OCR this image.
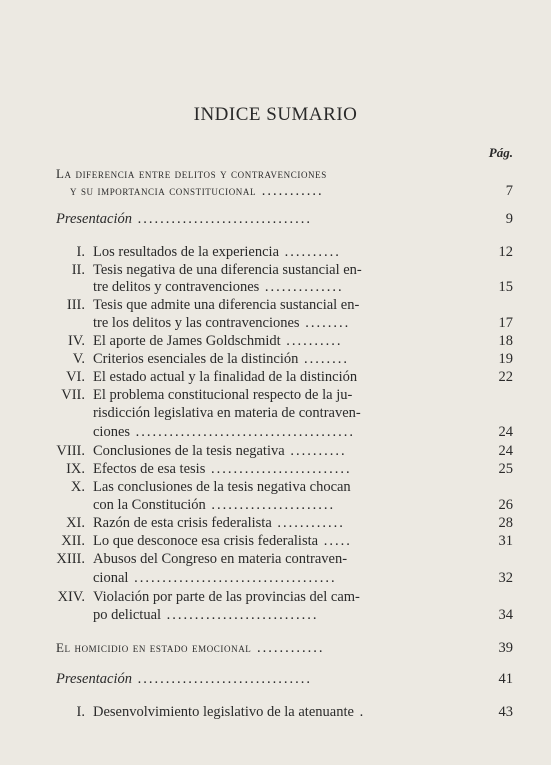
INDICE SUMARIO
Pág.
La diferencia entre delitos y contravenciones
y su importancia constitucional ...........	7
Presentación ...............................	9
I. Los resultados de la experiencia ..........	12
II. Tesis negativa de una diferencia sustancial en-
tre delitos y contravenciones ..............	15
III. Tesis que admite una diferencia sustancial en-
tre los delitos y las contravenciones ........	17
IV. El aporte de James Goldschmidt ..........	18
V. Criterios esenciales de la distinción ........	19
VI. El estado actual y la finalidad de la distinción	22
VII. El problema constitucional respecto de la ju-
risdicción legislativa en materia de contraven-
ciones .......................................	24
VIII. Conclusiones de la tesis negativa ..........	24
IX. Efectos de esa tesis .........................	25
X. Las conclusiones de la tesis negativa chocan
con la Constitución ......................	26
XI. Razón de esta crisis federalista ............	28
XII. Lo que desconoce esa crisis federalista .....	31
XIII. Abusos del Congreso en materia contraven-
cional ....................................	32
XIV. Violación por parte de las provincias del cam-
po delictual ...........................	34
El homicidio en estado emocional ............	39
Presentación ...............................	41
I. Desenvolvimiento legislativo de la atenuante .	43
